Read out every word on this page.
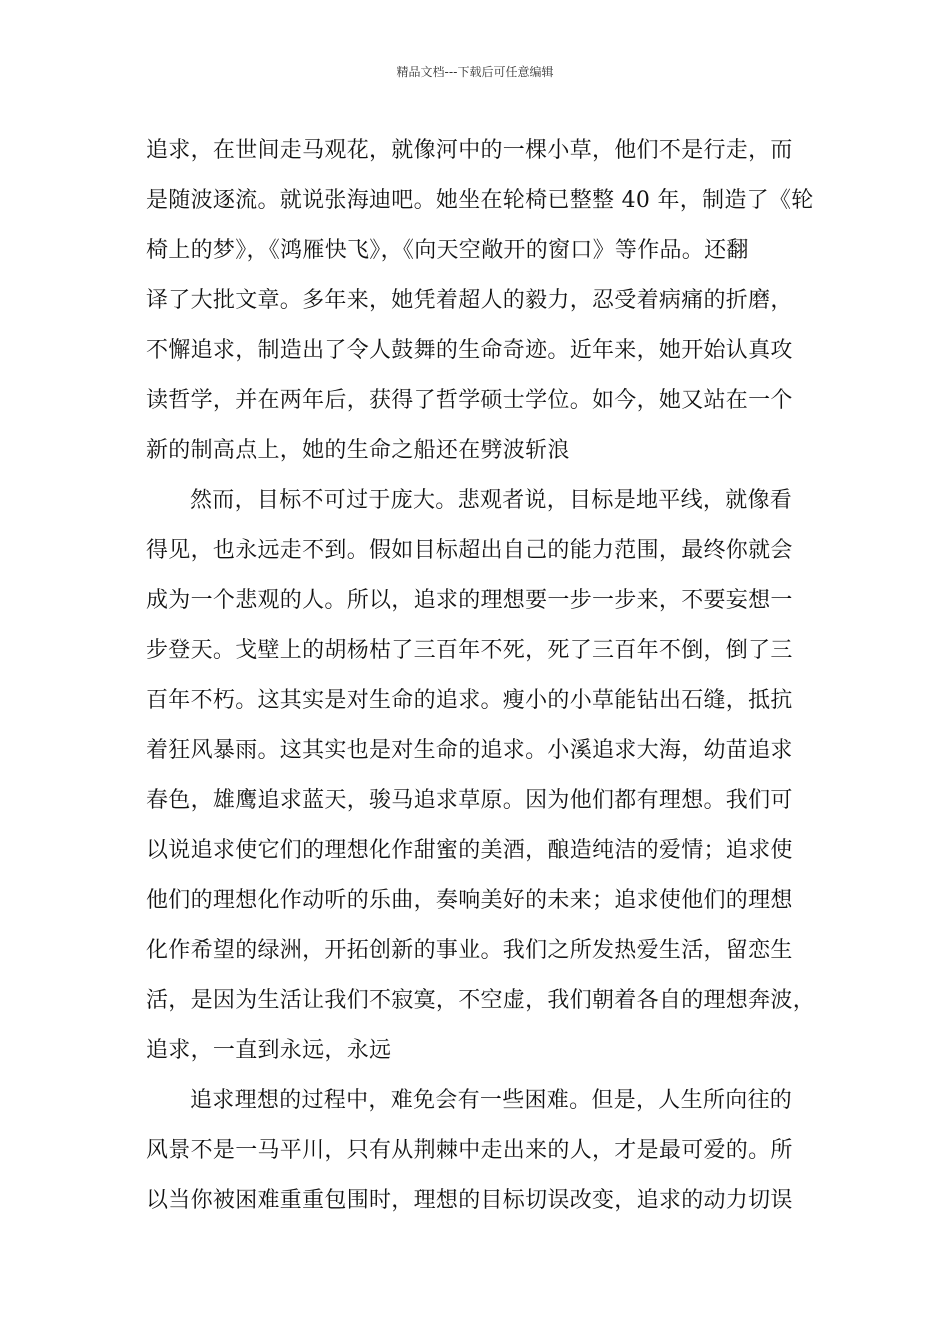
精品文档---下载后可任意编辑
追求，在世间走马观花，就像河中的一棵小草，他们不是行走，而
是随波逐流。就说张海迪吧。她坐在轮椅已整整 40 年，制造了《轮
椅上的梦》，《鸿雁快飞》，《向天空敞开的窗口》等作品。还翻
译了大批文章。多年来，她凭着超人的毅力，忍受着病痛的折磨，
不懈追求，制造出了令人鼓舞的生命奇迹。近年来，她开始认真攻
读哲学，并在两年后，获得了哲学硕士学位。如今，她又站在一个
新的制高点上，她的生命之船还在劈波斩浪
然而，目标不可过于庞大。悲观者说，目标是地平线，就像看
得见，也永远走不到。假如目标超出自己的能力范围，最终你就会
成为一个悲观的人。所以，追求的理想要一步一步来，不要妄想一
步登天。戈壁上的胡杨枯了三百年不死，死了三百年不倒，倒了三
百年不朽。这其实是对生命的追求。瘦小的小草能钻出石缝，抵抗
着狂风暴雨。这其实也是对生命的追求。小溪追求大海，幼苗追求
春色，雄鹰追求蓝天，骏马追求草原。因为他们都有理想。我们可
以说追求使它们的理想化作甜蜜的美酒，酿造纯洁的爱情；追求使
他们的理想化作动听的乐曲，奏响美好的未来；追求使他们的理想
化作希望的绿洲，开拓创新的事业。我们之所发热爱生活，留恋生
活，是因为生活让我们不寂寞，不空虚，我们朝着各自的理想奔波，
追求，一直到永远，永远
追求理想的过程中，难免会有一些困难。但是，人生所向往的
风景不是一马平川，只有从荆棘中走出来的人，才是最可爱的。所
以当你被困难重重包围时，理想的目标切误改变，追求的动力切误
